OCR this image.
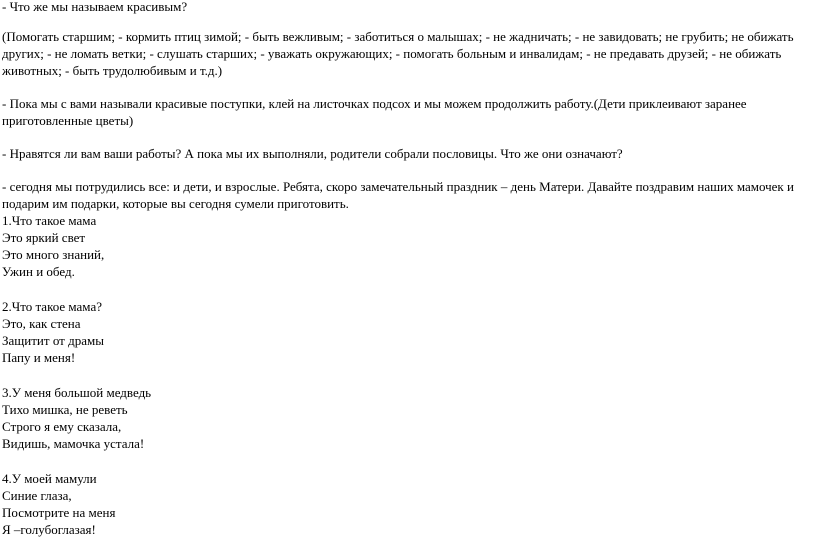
- Что же мы называем красивым?

(Помогать старшим; - кормить птиц зимой; - быть вежливым; - заботиться о малышах; - не жадничать; - не завидовать; не грубить; не обижать других; - не ломать ветки; - слушать старших; - уважать окружающих; - помогать больным и инвалидам; - не предавать друзей; - не обижать животных; - быть трудолюбивым и т.д.)

- Пока мы с вами называли красивые поступки, клей на листочках подсох и мы можем продолжить работу.(Дети приклеивают заранее приготовленные цветы)

- Нравятся ли вам ваши работы? А пока мы их выполняли, родители собрали пословицы. Что же они означают?

- сегодня мы потрудились все: и дети, и взрослые. Ребята, скоро замечательный праздник – день Матери. Давайте поздравим наших мамочек и подарим им подарки, которые вы сегодня сумели приготовить.

1.Что такое мама
Это яркий свет
Это много знаний,
Ужин и обед.
2.Что такое мама?
Это, как стена
Защитит от драмы
Папу и меня!
3.У меня большой медведь
Тихо мишка, не реветь
Строго я ему сказала,
Видишь, мамочка устала!
4.У моей мамули
Синие глаза,
Посмотрите на меня
Я –голубоглазая!
